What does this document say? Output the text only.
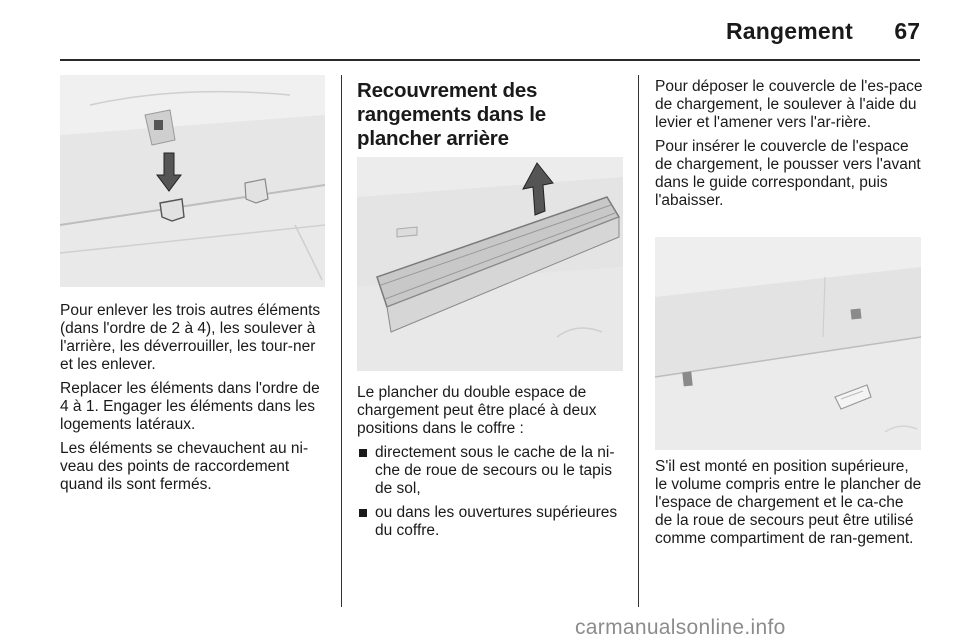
Rangement 67

Pour enlever les trois autres éléments (dans l'ordre de 2 à 4), les soulever à l'arrière, les déverrouiller, les tour-ner et les enlever.

Replacer les éléments dans l'ordre de 4 à 1. Engager les éléments dans les logements latéraux.

Les éléments se chevauchent au ni-veau des points de raccordement quand ils sont fermés.

Recouvrement des rangements dans le plancher arrière

Le plancher du double espace de chargement peut être placé à deux positions dans le coffre :

directement sous le cache de la ni-che de roue de secours ou le tapis de sol,
ou dans les ouvertures supérieures du coffre.

Pour déposer le couvercle de l'es-pace de chargement, le soulever à l'aide du levier et l'amener vers l'ar-rière.

Pour insérer le couvercle de l'espace de chargement, le pousser vers l'avant dans le guide correspondant, puis l'abaisser.

S'il est monté en position supérieure, le volume compris entre le plancher de l'espace de chargement et le ca-che de la roue de secours peut être utilisé comme compartiment de ran-gement.

carmanualsonline.info
